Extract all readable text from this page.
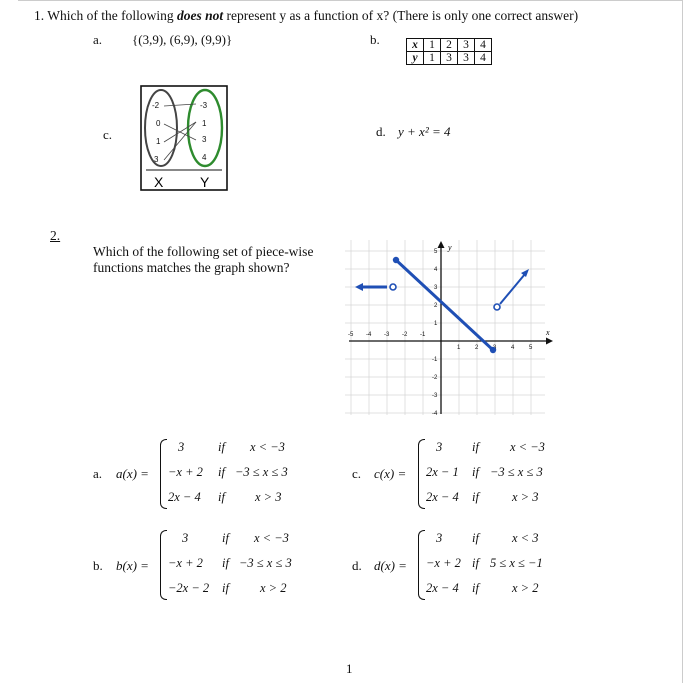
1. Which of the following does not represent y as a function of x? (There is only one correct answer)
a. {(3,9), (6,9), (9,9)}	b.	x	1	2	3	4
y	1	3	3	4
c.
-2
0
1
3
-3
1
3
4
X	Y
d. y + x² = 4
2.
Which of the following set of piece-wise
functions matches the graph shown?
y
x
-5 -4 -3 -2 -1
1 2	4 5
5
4
3
2
1
-1
-2
-3
-4
a. a(x) =
3	if x < −3
−x + 2 if −3 ≤ x ≤ 3
2x − 4 if x > 3
c. c(x) =
3 if x < −3
2x − 1 if −3 ≤ x ≤ 3
2x − 4 if	x > 3
b. b(x) =
3	if x < −3
−x + 2 if −3 ≤ x ≤ 3
−2x − 2 if x > 2
d. d(x) =
3 if	x < 3
−x + 2 if 5 ≤ x ≤ −1
2x − 4 if	x > 2
1
